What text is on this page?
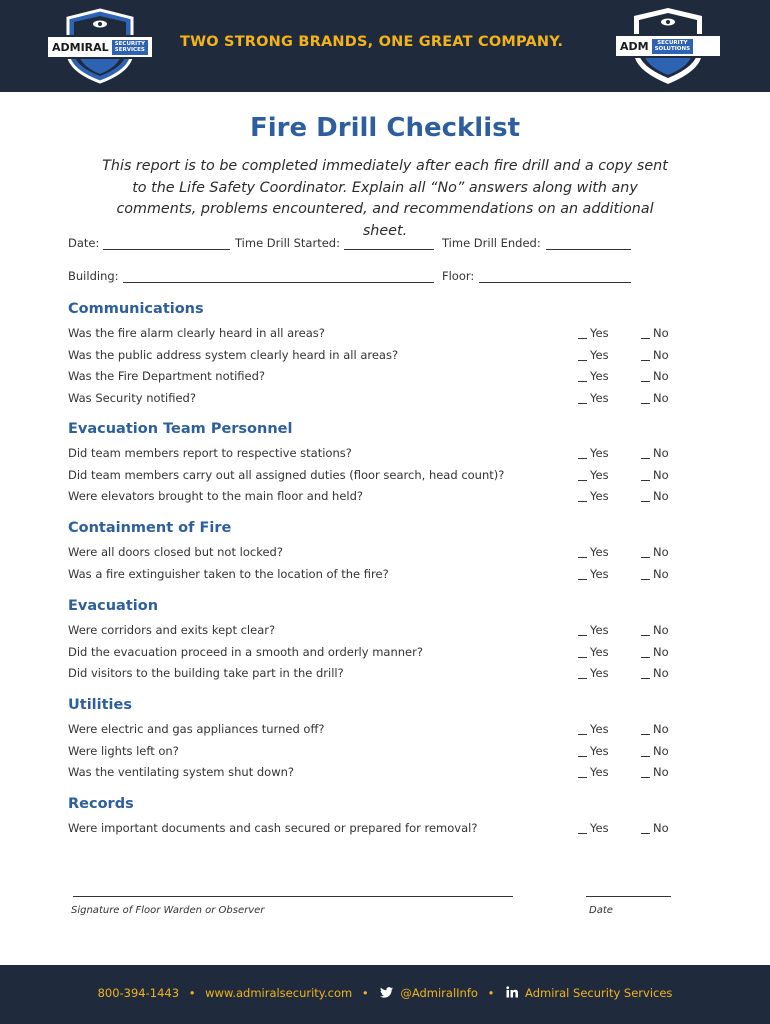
ADMIRAL	SECURITY
SERVICES TWO STRONG BRANDS, ONE GREAT COMPANY.	ADM	SECURITY
SOLUTIONS
Fire Drill Checklist
This report is to be completed immediately after each fire drill and a copy sent to the Life Safety Coordinator. Explain all “No” answers along with any comments, problems encountered, and recommendations on an additional sheet.
Date:	Time Drill Started:	Time Drill Ended:
Building:	Floor:
Communications
Was the fire alarm clearly heard in all areas?	Yes	No
Was the public address system clearly heard in all areas?	Yes	No
Was the Fire Department notified?	Yes	No
Was Security notified?	Yes	No
Evacuation Team Personnel
Did team members report to respective stations?	Yes	No
Did team members carry out all assigned duties (floor search, head count)?	Yes	No
Were elevators brought to the main floor and held?	Yes	No
Containment of Fire
Were all doors closed but not locked?	Yes	No
Was a fire extinguisher taken to the location of the fire?	Yes	No
Evacuation
Were corridors and exits kept clear?	Yes	No
Did the evacuation proceed in a smooth and orderly manner?	Yes	No
Did visitors to the building take part in the drill?	Yes	No
Utilities
Were electric and gas appliances turned off?	Yes	No
Were lights left on?	Yes	No
Was the ventilating system shut down?	Yes	No
Records
Were important documents and cash secured or prepared for removal?	Yes	No
Signature of Floor Warden or Observer	Date
800-394-1443 • www.admiralsecurity.com •	@AdmiralInfo •	Admiral Security Services
